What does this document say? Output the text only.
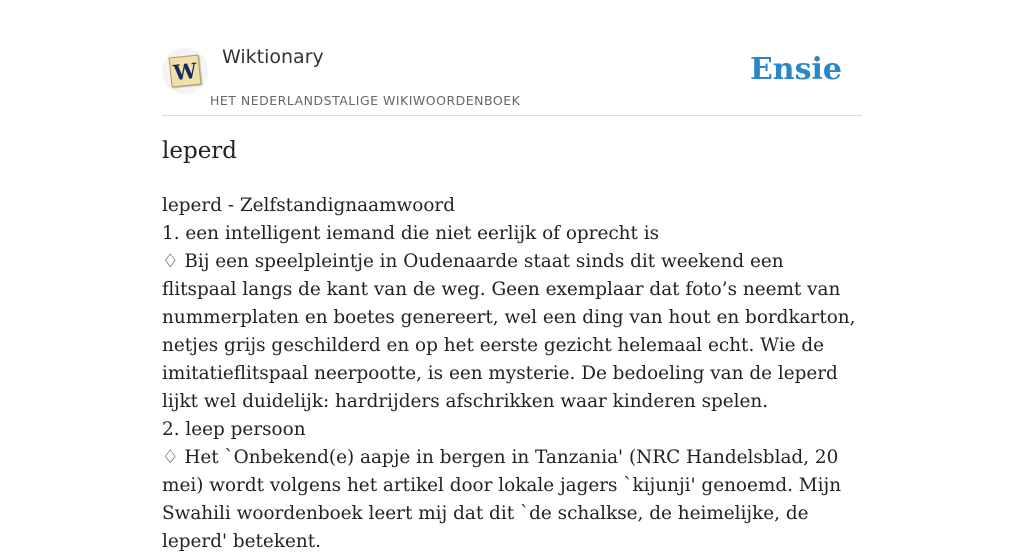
W
Wiktionary
HET NEDERLANDSTALIGE WIKIWOORDENBOEK
Ensie
leperd

leperd - Zelfstandignaamwoord

1. een intelligent iemand die niet eerlijk of oprecht is

♢ Bij een speelpleintje in Oudenaarde staat sinds dit weekend een flitspaal langs de kant van de weg. Geen exemplaar dat foto’s neemt van nummerplaten en boetes genereert, wel een ding van hout en bordkarton, netjes grijs geschilderd en op het eerste gezicht helemaal echt. Wie de imitatieflitspaal neerpootte, is een mysterie. De bedoeling van de leperd lijkt wel duidelijk: hardrijders afschrikken waar kinderen spelen.

2. leep persoon

♢ Het `Onbekend(e) aapje in bergen in Tanzania' (NRC Handelsblad, 20 mei) wordt volgens het artikel door lokale jagers `kijunji' genoemd. Mijn Swahili woordenboek leert mij dat dit `de schalkse, de heimelijke, de leperd' betekent.
